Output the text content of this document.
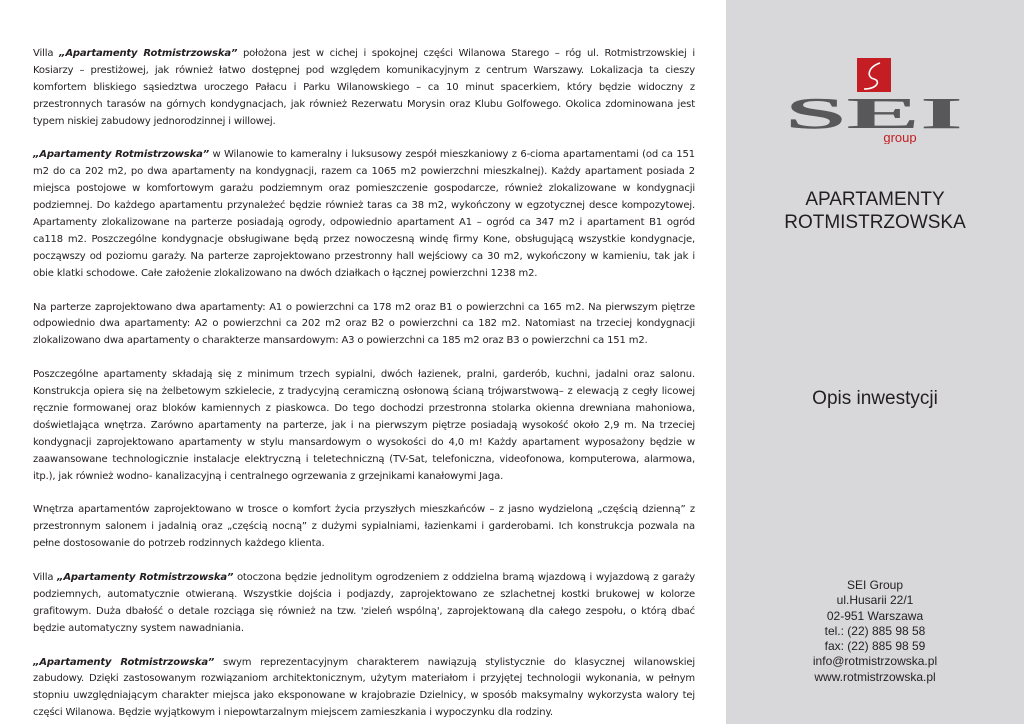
Villa „Apartamenty Rotmistrzowska” położona jest w cichej i spokojnej części Wilanowa Starego – róg ul. Rotmistrzowskiej i Kosiarzy – prestiżowej, jak również łatwo dostępnej pod względem komunikacyjnym z centrum Warszawy. Lokalizacja ta cieszy komfortem bliskiego sąsiedztwa uroczego Pałacu i Parku Wilanowskiego – ca 10 minut spacerkiem, który będzie widoczny z przestronnych tarasów na górnych kondygnacjach, jak również Rezerwatu Morysin oraz Klubu Golfowego. Okolica zdominowana jest typem niskiej zabudowy jednorodzinnej i willowej.

„Apartamenty Rotmistrzowska” w Wilanowie to kameralny i luksusowy zespół mieszkaniowy z 6-cioma apartamentami (od ca 151 m2 do ca 202 m2, po dwa apartamenty na kondygnacji, razem ca 1065 m2 powierzchni mieszkalnej). Każdy apartament posiada 2 miejsca postojowe w komfortowym garażu podziemnym oraz pomieszczenie gospodarcze, również zlokalizowane w kondygnacji podziemnej. Do każdego apartamentu przynależeć będzie również taras ca 38 m2, wykończony w egzotycznej desce kompozytowej. Apartamenty zlokalizowane na parterze posiadają ogrody, odpowiednio apartament A1 – ogród ca 347 m2 i apartament B1 ogród ca118 m2. Poszczególne kondygnacje obsługiwane będą przez nowoczesną windę firmy Kone, obsługującą wszystkie kondygnacje, począwszy od poziomu garaży. Na parterze zaprojektowano przestronny hall wejściowy ca 30 m2, wykończony w kamieniu, tak jak i obie klatki schodowe. Całe założenie zlokalizowano na dwóch działkach o łącznej powierzchni 1238 m2.

Na parterze zaprojektowano dwa apartamenty: A1 o powierzchni ca 178 m2 oraz B1 o powierzchni ca 165 m2. Na pierwszym piętrze odpowiednio dwa apartamenty: A2 o powierzchni ca 202 m2 oraz B2 o powierzchni ca 182 m2. Natomiast na trzeciej kondygnacji zlokalizowano dwa apartamenty o charakterze mansardowym: A3 o powierzchni ca 185 m2 oraz B3 o powierzchni ca 151 m2.

Poszczególne apartamenty składają się z minimum trzech sypialni, dwóch łazienek, pralni, garderób, kuchni, jadalni oraz salonu. Konstrukcja opiera się na żelbetowym szkielecie, z tradycyjną ceramiczną osłonową ścianą trójwarstwową– z elewacją z cegły licowej ręcznie formowanej oraz bloków kamiennych z piaskowca. Do tego dochodzi przestronna stolarka okienna drewniana mahoniowa, doświetlająca wnętrza. Zarówno apartamenty na parterze, jak i na pierwszym piętrze posiadają wysokość około 2,9 m. Na trzeciej kondygnacji zaprojektowano apartamenty w stylu mansardowym o wysokości do 4,0 m! Każdy apartament wyposażony będzie w zaawansowane technologicznie instalacje elektryczną i teletechniczną (TV-Sat, telefoniczna, videofonowa, komputerowa, alarmowa, itp.), jak również wodno- kanalizacyjną i centralnego ogrzewania z grzejnikami kanałowymi Jaga.

Wnętrza apartamentów zaprojektowano w trosce o komfort życia przyszłych mieszkańców – z jasno wydzieloną „częścią dzienną” z przestronnym salonem i jadalnią oraz „częścią nocną” z dużymi sypialniami, łazienkami i garderobami. Ich konstrukcja pozwala na pełne dostosowanie do potrzeb rodzinnych każdego klienta.

Villa „Apartamenty Rotmistrzowska” otoczona będzie jednolitym ogrodzeniem z oddzielna bramą wjazdową i wyjazdową z garaży podziemnych, automatycznie otwieraną. Wszystkie dojścia i podjazdy, zaprojektowano ze szlachetnej kostki brukowej w kolorze grafitowym. Duża dbałość o detale rozciąga się również na tzw. 'zieleń wspólną', zaprojektowaną dla całego zespołu, o którą dbać będzie automatyczny system nawadniania.

„Apartamenty Rotmistrzowska” swym reprezentacyjnym charakterem nawiązują stylistycznie do klasycznej wilanowskiej zabudowy. Dzięki zastosowanym rozwiązaniom architektonicznym, użytym materiałom i przyjętej technologii wykonania, w pełnym stopniu uwzględniającym charakter miejsca jako eksponowane w krajobrazie Dzielnicy, w sposób maksymalny wykorzysta walory tej części Wilanowa. Będzie wyjątkowym i niepowtarzalnym miejscem zamieszkania i wypoczynku dla rodziny.

SEI
group
APARTAMENTY
ROTMISTRZOWSKA
Opis inwestycji
SEI Group
ul.Husarii 22/1
02-951 Warszawa
tel.: (22) 885 98 58
fax: (22) 885 98 59
info@rotmistrzowska.pl
www.rotmistrzowska.pl
